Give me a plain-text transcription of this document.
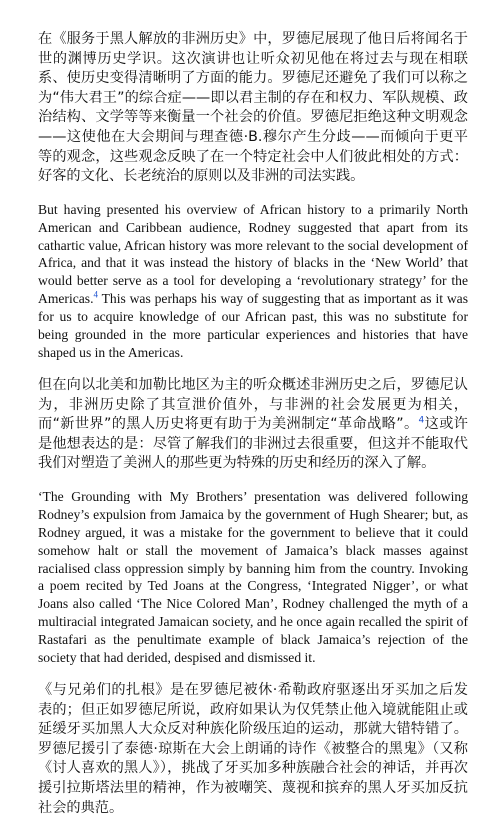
在《服务于黑人解放的非洲历史》中，罗德尼展现了他日后将闻名于世的渊博历史学识。这次演讲也让听众初见他在将过去与现在相联系、使历史变得清晰明了方面的能力。罗德尼还避免了我们可以称之为“伟大君王”的综合症——即以君主制的存在和权力、军队规模、政治结构、文学等等来衡量一个社会的价值。罗德尼拒绝这种文明观念——这使他在大会期间与理查德·B.穆尔产生分歧——而倾向于更平等的观念，这些观念反映了在一个特定社会中人们彼此相处的方式：好客的文化、长老统治的原则以及非洲的司法实践。

But having presented his overview of African history to a primarily North American and Caribbean audience, Rodney suggested that apart from its cathartic value, African history was more relevant to the social development of Africa, and that it was instead the history of blacks in the ‘New World’ that would better serve as a tool for developing a ‘revolutionary strategy’ for the Americas.$^4$ This was perhaps his way of suggesting that as important as it was for us to acquire knowledge of our African past, this was no substitute for being grounded in the more particular experiences and histories that have shaped us in the Americas.

但在向以北美和加勒比地区为主的听众概述非洲历史之后，罗德尼认为，非洲历史除了其宣泄价值外，与非洲的社会发展更为相关，而“新世界”的黑人历史将更有助于为美洲制定“革命战略”。$^4$这或许是他想表达的是：尽管了解我们的非洲过去很重要，但这并不能取代我们对塑造了美洲人的那些更为特殊的历史和经历的深入了解。

‘The Grounding with My Brothers’ presentation was delivered following Rodney’s expulsion from Jamaica by the government of Hugh Shearer; but, as Rodney argued, it was a mistake for the government to believe that it could somehow halt or stall the movement of Jamaica’s black masses against racialised class oppression simply by banning him from the country. Invoking a poem recited by Ted Joans at the Congress, ‘Integrated Nigger’, or what Joans also called ‘The Nice Colored Man’, Rodney challenged the myth of a multiracial integrated Jamaican society, and he once again recalled the spirit of Rastafari as the penultimate example of black Jamaica’s rejection of the society that had derided, despised and dismissed it.

《与兄弟们的扎根》是在罗德尼被休·希勒政府驱逐出牙买加之后发表的；但正如罗德尼所说，政府如果认为仅凭禁止他入境就能阻止或延缓牙买加黑人大众反对种族化阶级压迫的运动，那就大错特错了。罗德尼援引了泰德·琼斯在大会上朗诵的诗作《被整合的黑鬼》（又称《讨人喜欢的黑人》），挑战了牙买加多种族融合社会的神话，并再次援引拉斯塔法里的精神，作为被嘲笑、蔑视和摈弃的黑人牙买加反抗社会的典范。
